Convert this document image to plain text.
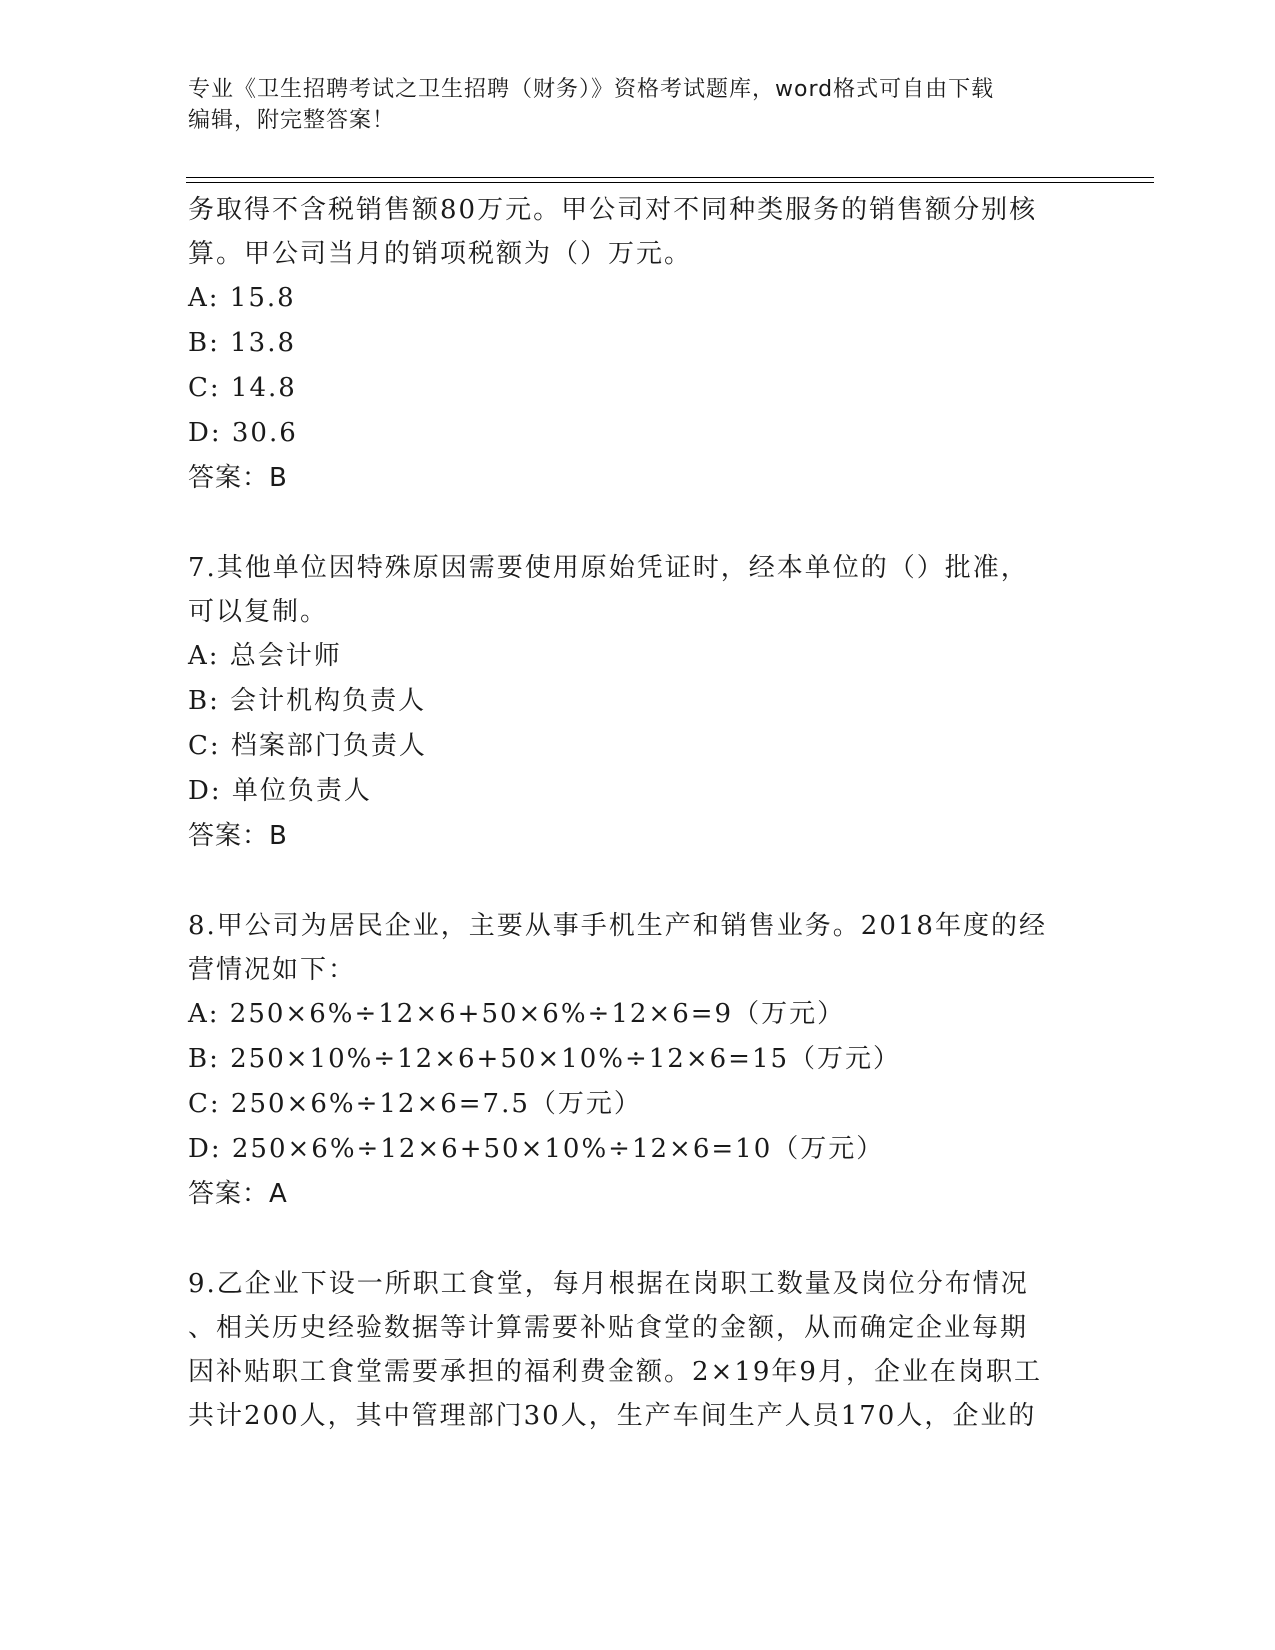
专业《卫生招聘考试之卫生招聘（财务）》资格考试题库，word格式可自由下载
编辑，附完整答案！
务取得不含税销售额80万元。甲公司对不同种类服务的销售额分别核
算。甲公司当月的销项税额为（）万元。
A: 15.8
B: 13.8
C: 14.8
D: 30.6
答案：B
7.其他单位因特殊原因需要使用原始凭证时，经本单位的（）批准，
可以复制。
A: 总会计师
B: 会计机构负责人
C: 档案部门负责人
D: 单位负责人
答案：B
8.甲公司为居民企业，主要从事手机生产和销售业务。2018年度的经
营情况如下：
A: 250×6%÷12×6+50×6%÷12×6=9（万元）
B: 250×10%÷12×6+50×10%÷12×6=15（万元）
C: 250×6%÷12×6=7.5（万元）
D: 250×6%÷12×6+50×10%÷12×6=10（万元）
答案：A
9.乙企业下设一所职工食堂，每月根据在岗职工数量及岗位分布情况
、相关历史经验数据等计算需要补贴食堂的金额，从而确定企业每期
因补贴职工食堂需要承担的福利费金额。2×19年9月，企业在岗职工
共计200人，其中管理部门30人，生产车间生产人员170人，企业的
